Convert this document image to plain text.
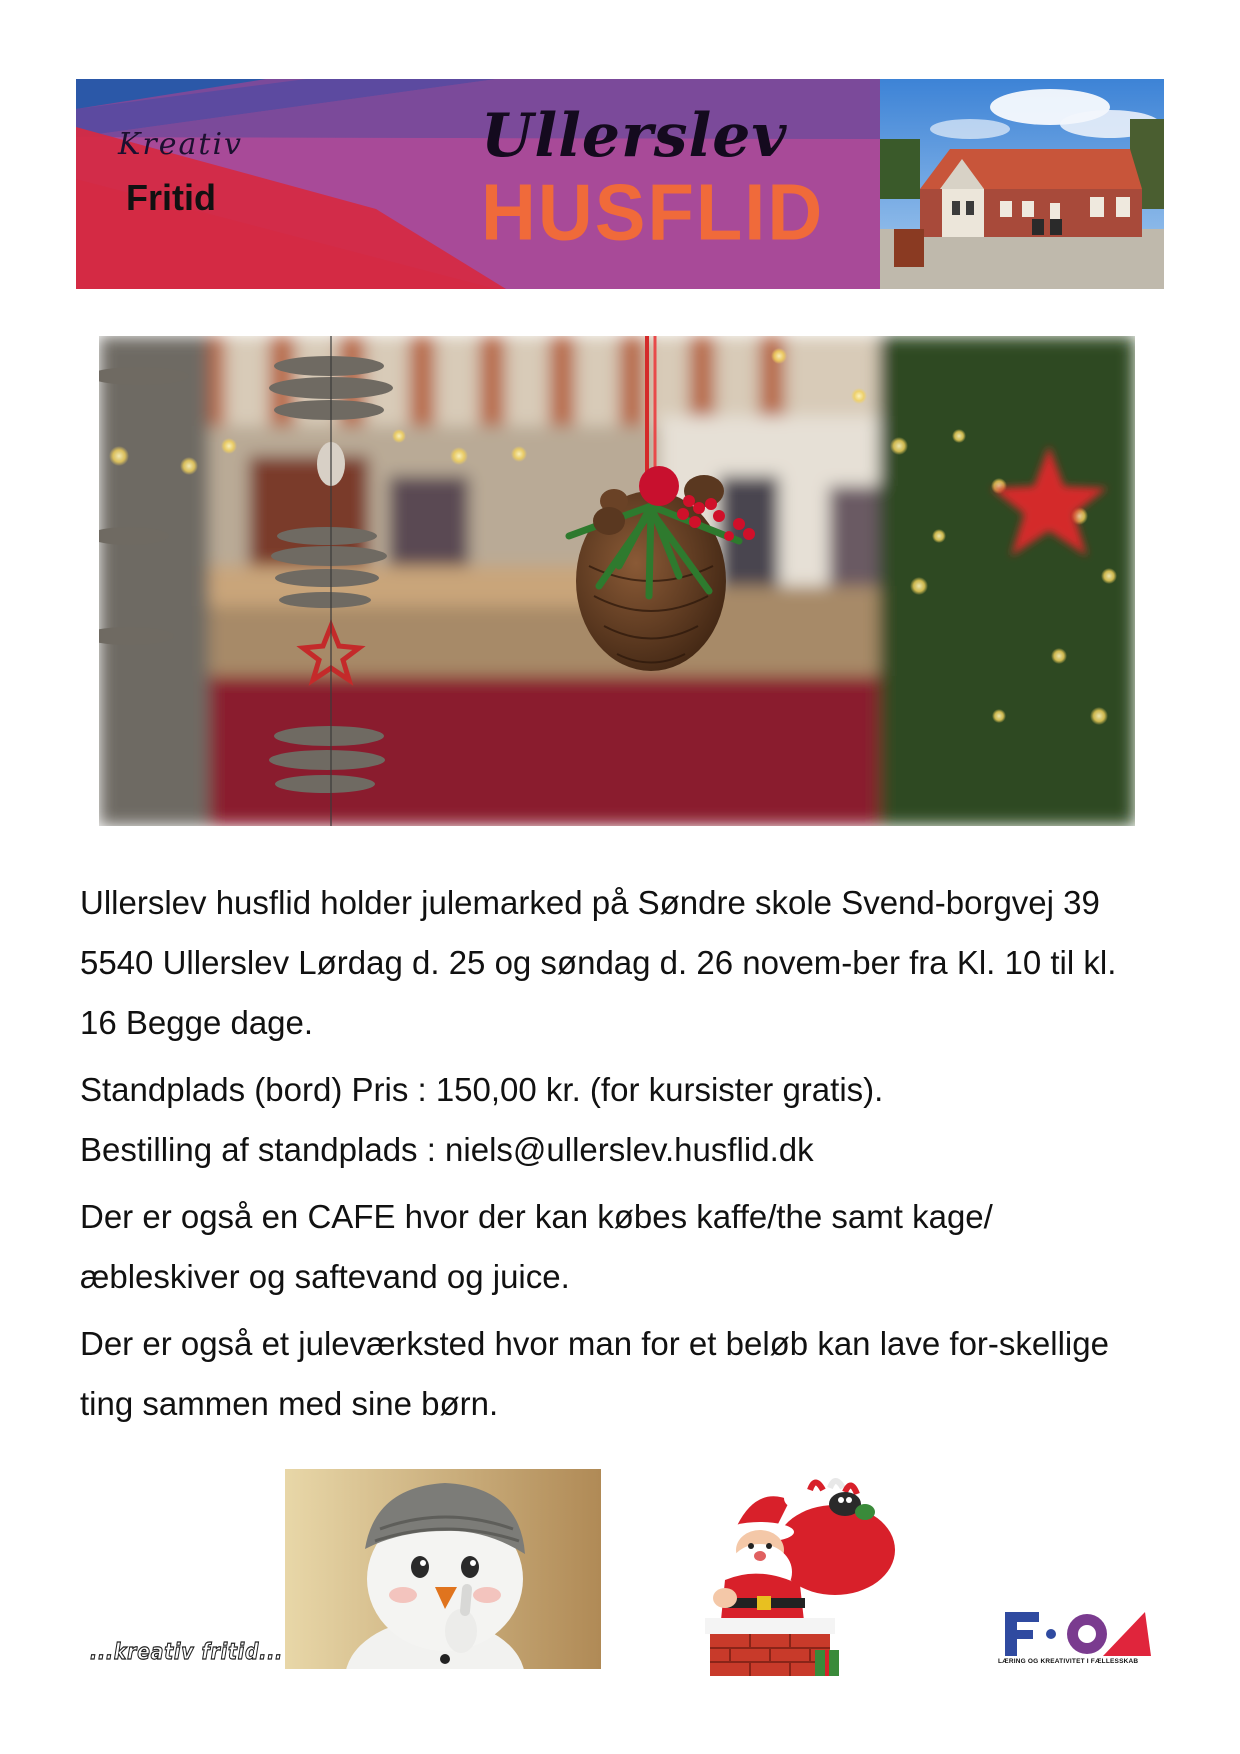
Kreativ
Fritid
Ullerslev
HUSFLID

Ullerslev husflid holder julemarked på Søndre skole Svend-borgvej 39 5540 Ullerslev Lørdag d. 25 og søndag d. 26 novem-ber fra Kl. 10 til kl. 16 Begge dage.

Standplads (bord) Pris : 150,00 kr. (for kursister gratis).
Bestilling af standplads : niels@ullerslev.husflid.dk

Der er også en CAFE hvor der kan købes kaffe/the samt kage/ æbleskiver og saftevand og juice.

Der er også et juleværksted hvor man for et beløb kan lave for-skellige ting sammen med sine børn.

...kreativ fritid...	LÆRING OG KREATIVITET I FÆLLESSKAB
